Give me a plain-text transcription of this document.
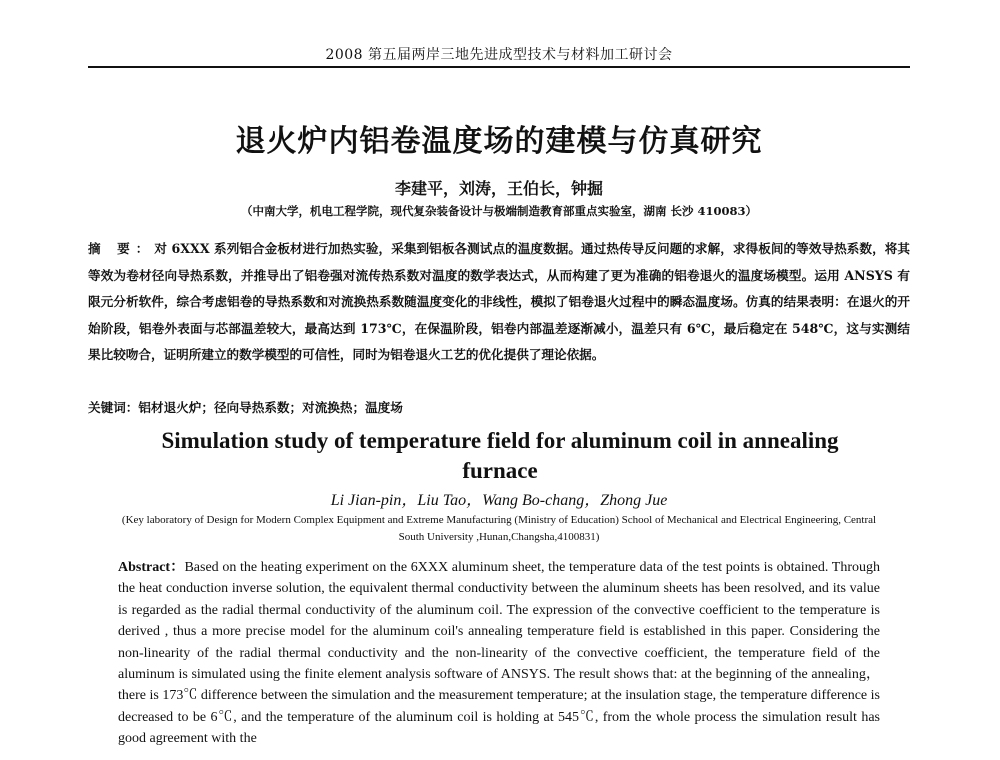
2008 第五届两岸三地先进成型技术与材料加工研讨会
退火炉内铝卷温度场的建模与仿真研究
李建平，刘涛，王伯长，钟掘
（中南大学，机电工程学院，现代复杂装备设计与极端制造教育部重点实验室，湖南 长沙 410083）
摘 要：对 6XXX 系列铝合金板材进行加热实验，采集到铝板各测试点的温度数据。通过热传导反问题的求解，求得板间的等效导热系数，将其等效为卷材径向导热系数，并推导出了铝卷强对流传热系数对温度的数学表达式，从而构建了更为准确的铝卷退火的温度场模型。运用 ANSYS 有限元分析软件，综合考虑铝卷的导热系数和对流换热系数随温度变化的非线性，模拟了铝卷退火过程中的瞬态温度场。仿真的结果表明：在退火的开始阶段，铝卷外表面与芯部温差较大，最高达到 173℃，在保温阶段，铝卷内部温差逐渐减小，温差只有 6℃，最后稳定在 548℃，这与实测结果比较吻合，证明所建立的数学模型的可信性，同时为铝卷退火工艺的优化提供了理论依据。
关键词：铝材退火炉；径向导热系数；对流换热；温度场
Simulation study of temperature field for aluminum coil in annealing furnace
Li Jian-pin，Liu Tao，Wang Bo-chang，Zhong Jue
(Key laboratory of Design for Modern Complex Equipment and Extreme Manufacturing (Ministry of Education) School of Mechanical and Electrical Engineering, Central South University ,Hunan,Changsha,4100831)
Abstract：Based on the heating experiment on the 6XXX aluminum sheet, the temperature data of the test points is obtained. Through the heat conduction inverse solution, the equivalent thermal conductivity between the aluminum sheets has been resolved, and its value is regarded as the radial thermal conductivity of the aluminum coil. The expression of the convective coefficient to the temperature is derived , thus a more precise model for the aluminum coil's annealing temperature field is established in this paper. Considering the non-linearity of the radial thermal conductivity and the non-linearity of the convective coefficient, the temperature field of the aluminum is simulated using the finite element analysis software of ANSYS. The result shows that: at the beginning of the annealing， there is 173℃ difference between the simulation and the measurement temperature; at the insulation stage, the temperature difference is decreased to be 6℃, and the temperature of the aluminum coil is holding at 545℃, from the whole process the simulation result has good agreement with the
